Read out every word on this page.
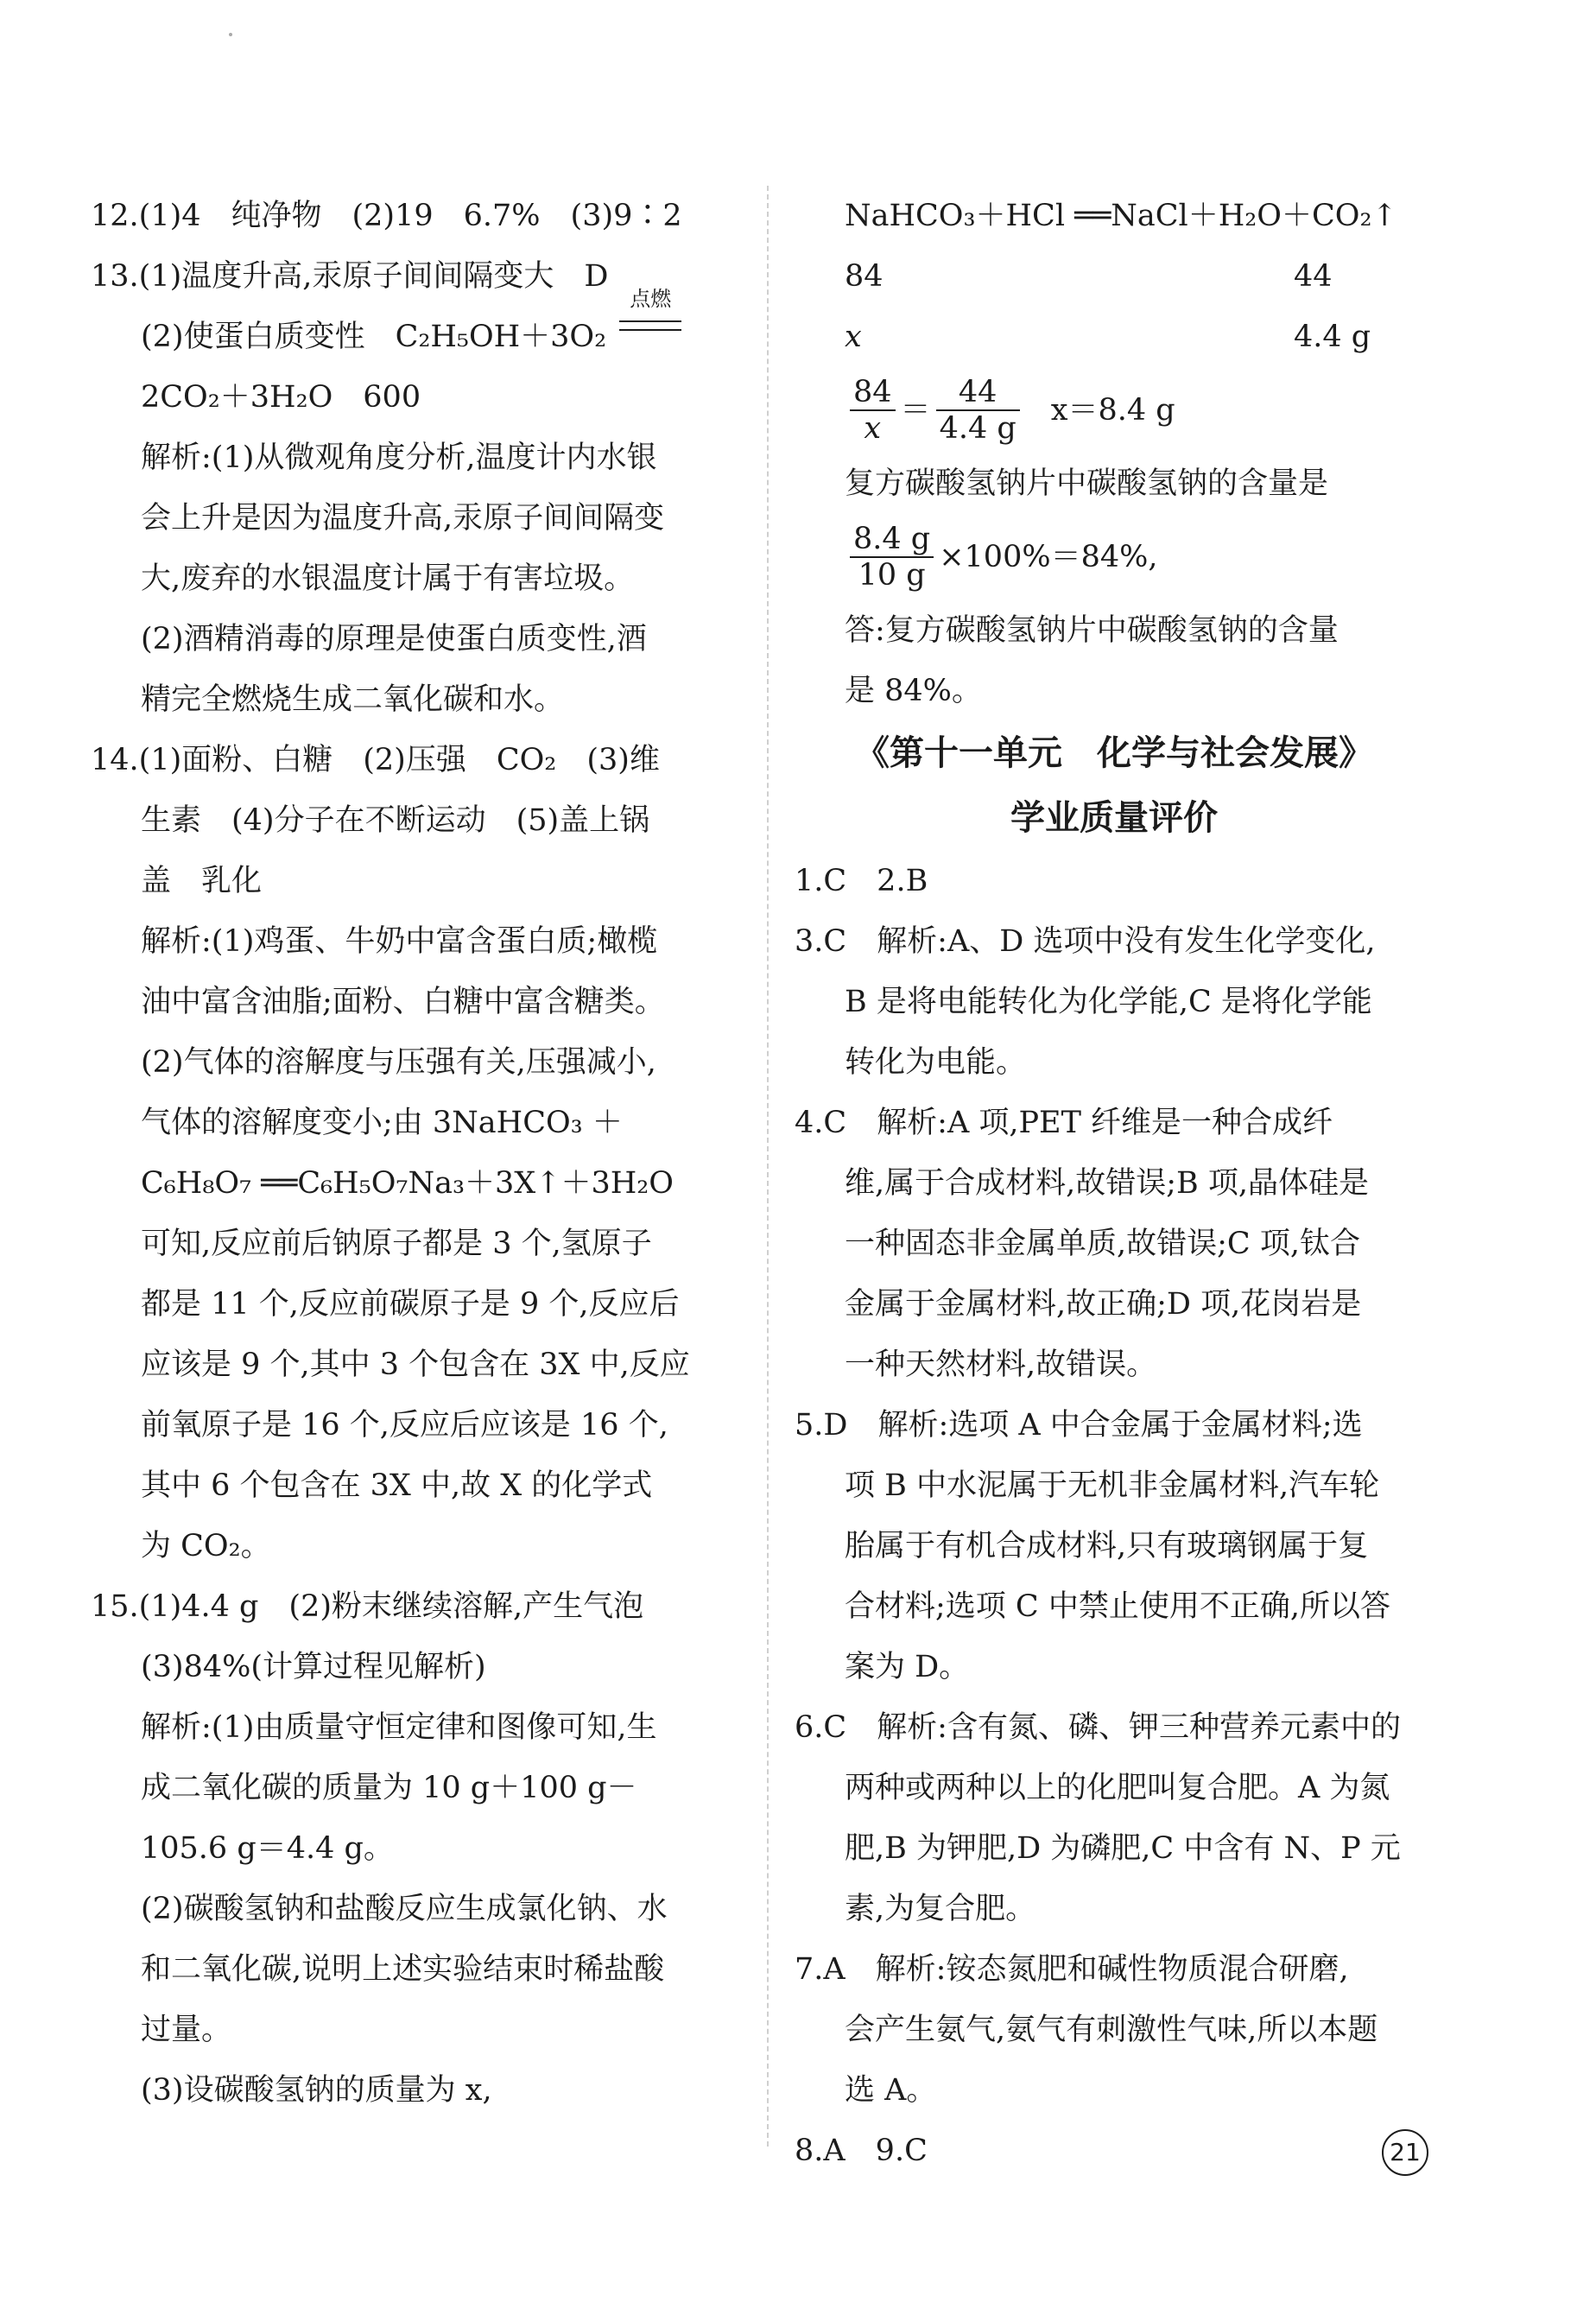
12.(1)4　纯净物　(2)19　6.7%　(3)9∶2
13.(1)温度升高,汞原子间间隔变大　D
(2)使蛋白质变性　C₂H₅OH＋3O₂
点燃

2CO₂＋3H₂O　600
解析:(1)从微观角度分析,温度计内水银
会上升是因为温度升高,汞原子间间隔变
大,废弃的水银温度计属于有害垃圾。
(2)酒精消毒的原理是使蛋白质变性,酒
精完全燃烧生成二氧化碳和水。
14.(1)面粉、白糖　(2)压强　CO₂　(3)维
生素　(4)分子在不断运动　(5)盖上锅
盖　乳化
解析:(1)鸡蛋、牛奶中富含蛋白质;橄榄
油中富含油脂;面粉、白糖中富含糖类。
(2)气体的溶解度与压强有关,压强减小,
气体的溶解度变小;由 3NaHCO₃ ＋
C₆H₈O₇ ══C₆H₅O₇Na₃＋3X↑＋3H₂O
可知,反应前后钠原子都是 3 个,氢原子
都是 11 个,反应前碳原子是 9 个,反应后
应该是 9 个,其中 3 个包含在 3X 中,反应
前氧原子是 16 个,反应后应该是 16 个,
其中 6 个包含在 3X 中,故 X 的化学式
为 CO₂。
15.(1)4.4 g　(2)粉末继续溶解,产生气泡
(3)84%(计算过程见解析)
解析:(1)由质量守恒定律和图像可知,生
成二氧化碳的质量为 10 g＋100 g－
105.6 g＝4.4 g。
(2)碳酸氢钠和盐酸反应生成氯化钠、水
和二氧化碳,说明上述实验结束时稀盐酸
过量。
(3)设碳酸氢钠的质量为 x,
NaHCO₃＋HCl ══NaCl＋H₂O＋CO₂↑
84	44
x	4.4 g
$\frac{84}{x} = \frac{44}{4.4 g} x=8.4$ g
复方碳酸氢钠片中碳酸氢钠的含量是
$\frac{8.4 g}{10 g} \times 100\%=84\%$,
答:复方碳酸氢钠片中碳酸氢钠的含量
是 84%。
《第十一单元　化学与社会发展》
学业质量评价
1.C　2.B
3.C　解析:A、D 选项中没有发生化学变化,
B 是将电能转化为化学能,C 是将化学能
转化为电能。
4.C　解析:A 项,PET 纤维是一种合成纤
维,属于合成材料,故错误;B 项,晶体硅是
一种固态非金属单质,故错误;C 项,钛合
金属于金属材料,故正确;D 项,花岗岩是
一种天然材料,故错误。
5.D　解析:选项 A 中合金属于金属材料;选
项 B 中水泥属于无机非金属材料,汽车轮
胎属于有机合成材料,只有玻璃钢属于复
合材料;选项 C 中禁止使用不正确,所以答
案为 D。
6.C　解析:含有氮、磷、钾三种营养元素中的
两种或两种以上的化肥叫复合肥。A 为氮
肥,B 为钾肥,D 为磷肥,C 中含有 N、P 元
素,为复合肥。
7.A　解析:铵态氮肥和碱性物质混合研磨,
会产生氨气,氨气有刺激性气味,所以本题
选 A。
8.A　9.C	21
